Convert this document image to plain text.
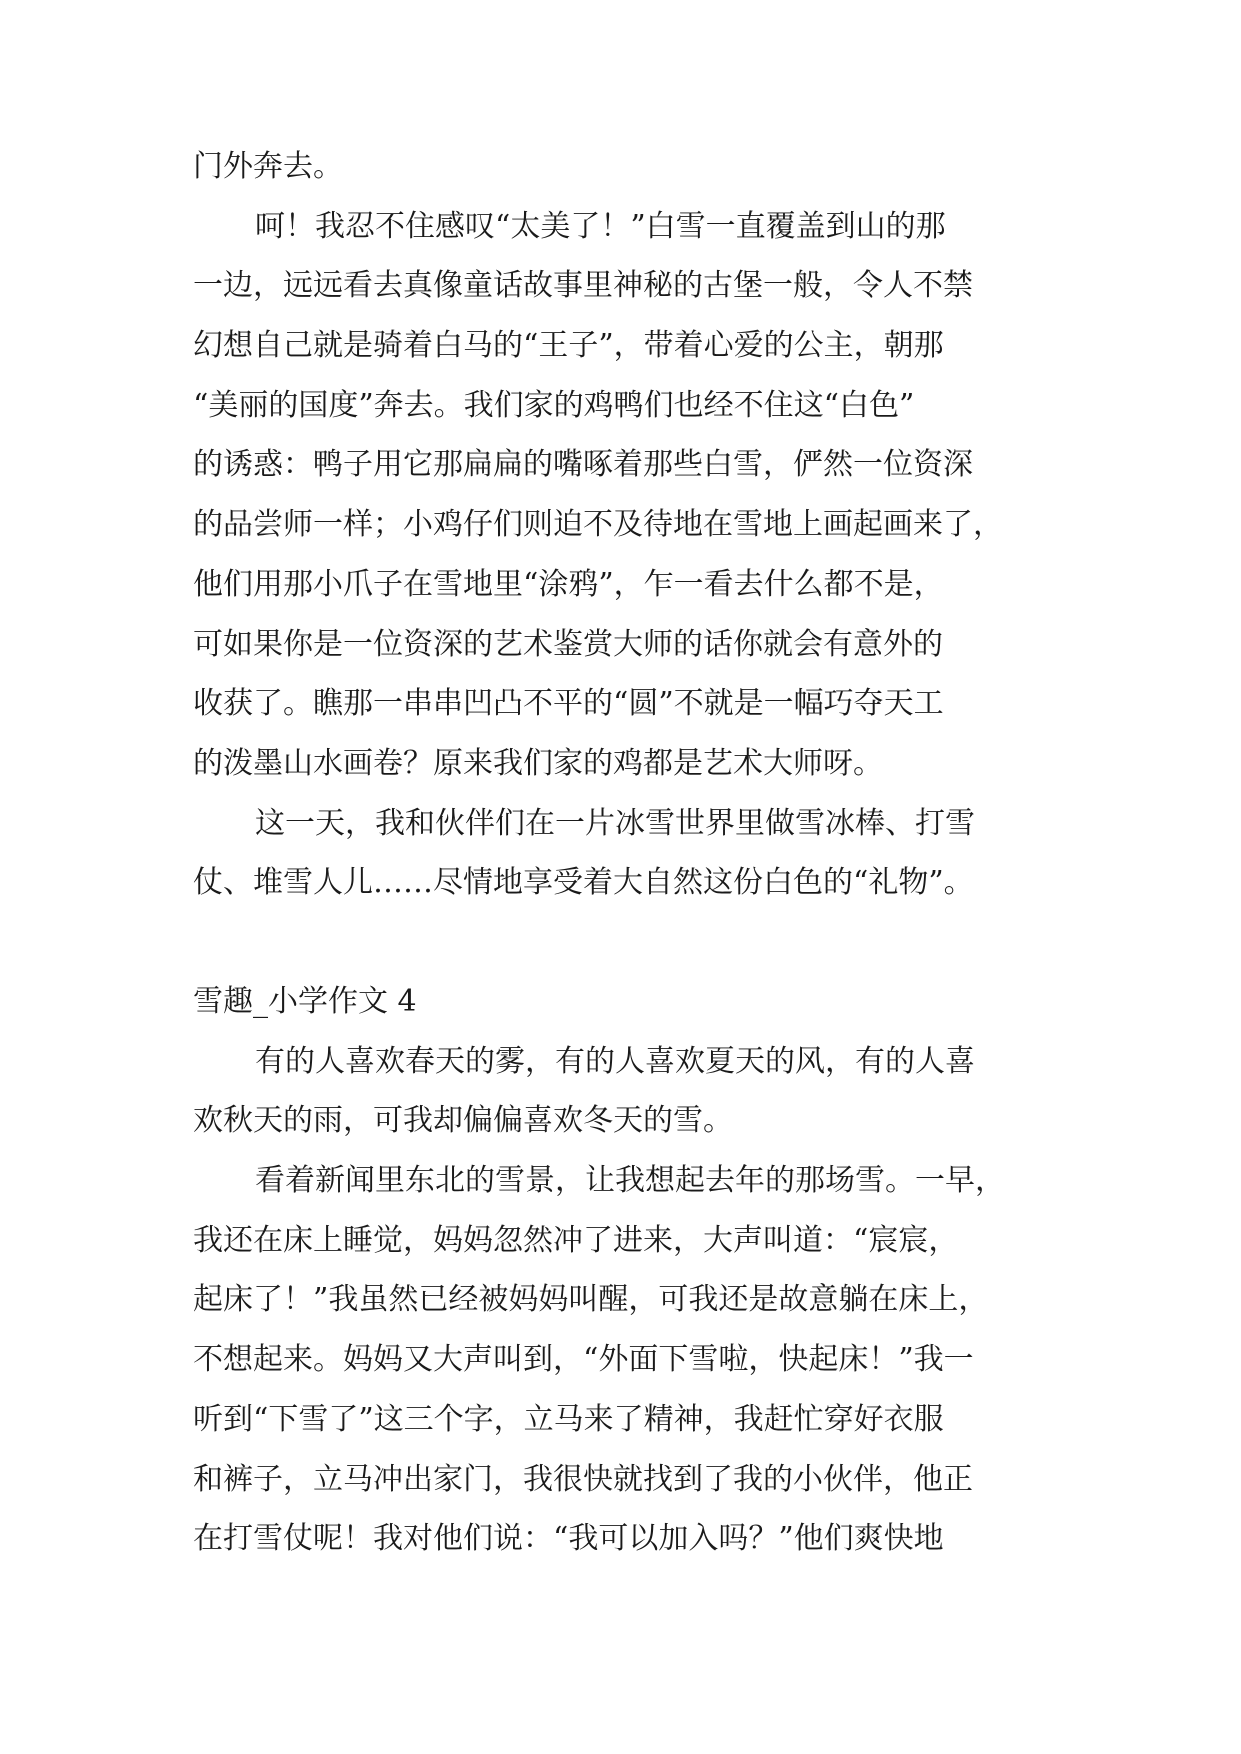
门外奔去。
呵！我忍不住感叹“太美了！”白雪一直覆盖到山的那
一边，远远看去真像童话故事里神秘的古堡一般，令人不禁
幻想自己就是骑着白马的“王子”，带着心爱的公主，朝那
“美丽的国度”奔去。我们家的鸡鸭们也经不住这“白色”
的诱惑：鸭子用它那扁扁的嘴啄着那些白雪，俨然一位资深
的品尝师一样；小鸡仔们则迫不及待地在雪地上画起画来了，
他们用那小爪子在雪地里“涂鸦”，乍一看去什么都不是，
可如果你是一位资深的艺术鉴赏大师的话你就会有意外的
收获了。瞧那一串串凹凸不平的“圆”不就是一幅巧夺天工
的泼墨山水画卷？原来我们家的鸡都是艺术大师呀。
这一天，我和伙伴们在一片冰雪世界里做雪冰棒、打雪
仗、堆雪人儿……尽情地享受着大自然这份白色的“礼物”。
雪趣_小学作文 4
有的人喜欢春天的雾，有的人喜欢夏天的风，有的人喜
欢秋天的雨，可我却偏偏喜欢冬天的雪。
看着新闻里东北的雪景，让我想起去年的那场雪。一早，
我还在床上睡觉，妈妈忽然冲了进来，大声叫道：“宸宸，
起床了！”我虽然已经被妈妈叫醒，可我还是故意躺在床上，
不想起来。妈妈又大声叫到，“外面下雪啦，快起床！”我一
听到“下雪了”这三个字，立马来了精神，我赶忙穿好衣服
和裤子，立马冲出家门，我很快就找到了我的小伙伴，他正
在打雪仗呢！我对他们说：“我可以加入吗？”他们爽快地
